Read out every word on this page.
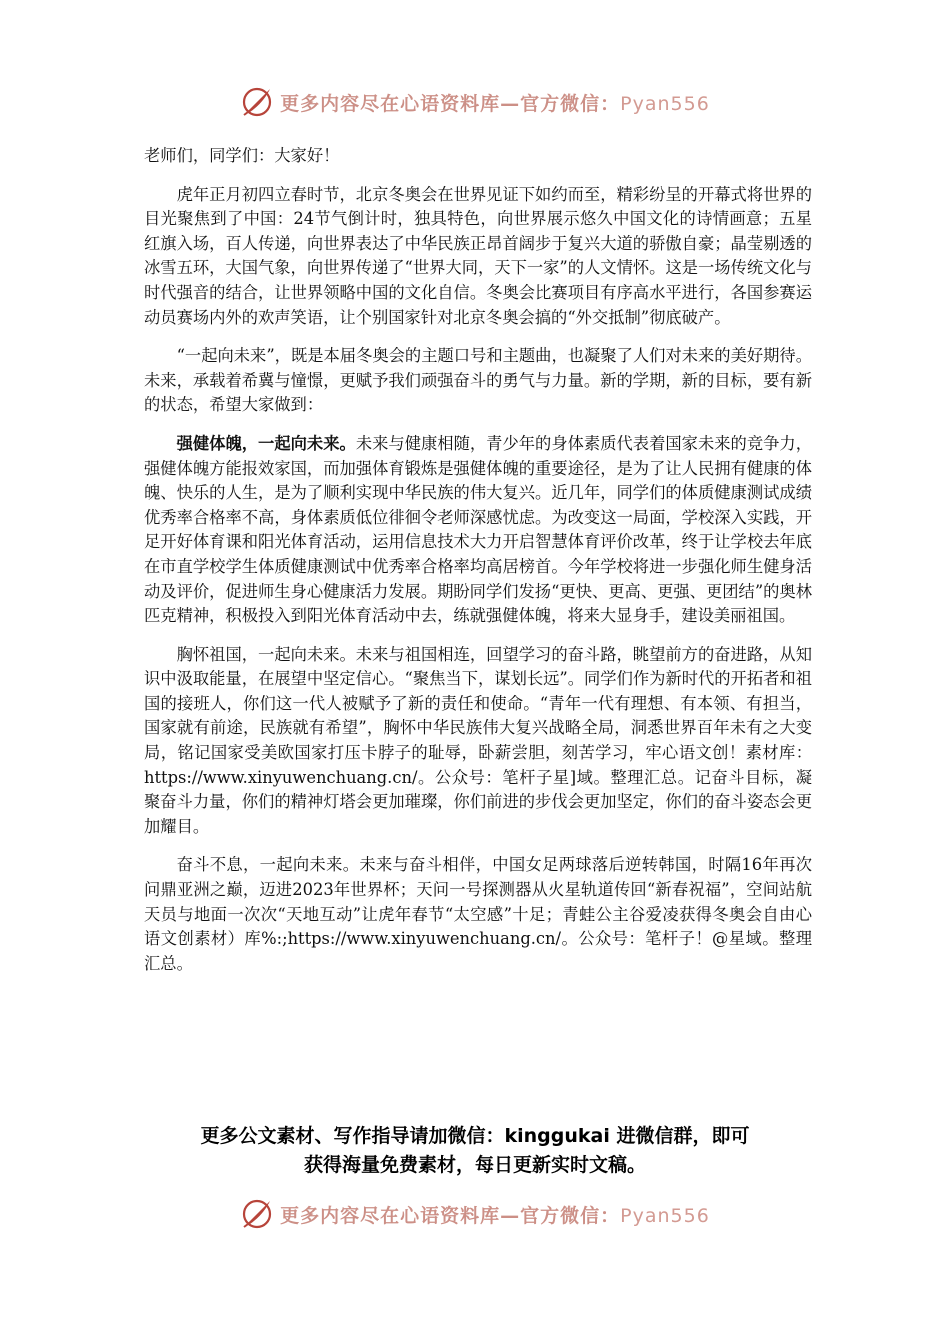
更多内容尽在心语资料库—官方微信：Pyan556

老师们，同学们：大家好！

虎年正月初四立春时节，北京冬奥会在世界见证下如约而至，精彩纷呈的开幕式将世界的目光聚焦到了中国：24节气倒计时，独具特色，向世界展示悠久中国文化的诗情画意；五星红旗入场，百人传递，向世界表达了中华民族正昂首阔步于复兴大道的骄傲自豪；晶莹剔透的冰雪五环，大国气象，向世界传递了“世界大同，天下一家”的人文情怀。这是一场传统文化与时代强音的结合，让世界领略中国的文化自信。冬奥会比赛项目有序高水平进行，各国参赛运动员赛场内外的欢声笑语，让个别国家针对北京冬奥会搞的“外交抵制”彻底破产。

“一起向未来”，既是本届冬奥会的主题口号和主题曲，也凝聚了人们对未来的美好期待。未来，承载着希冀与憧憬，更赋予我们顽强奋斗的勇气与力量。新的学期，新的目标，要有新的状态，希望大家做到：

强健体魄，一起向未来。未来与健康相随，青少年的身体素质代表着国家未来的竞争力，强健体魄方能报效家国，而加强体育锻炼是强健体魄的重要途径，是为了让人民拥有健康的体魄、快乐的人生，是为了顺利实现中华民族的伟大复兴。近几年，同学们的体质健康测试成绩优秀率合格率不高，身体素质低位徘徊令老师深感忧虑。为改变这一局面，学校深入实践，开足开好体育课和阳光体育活动，运用信息技术大力开启智慧体育评价改革，终于让学校去年底在市直学校学生体质健康测试中优秀率合格率均高居榜首。今年学校将进一步强化师生健身活动及评价，促进师生身心健康活力发展。期盼同学们发扬“更快、更高、更强、更团结”的奥林匹克精神，积极投入到阳光体育活动中去，练就强健体魄，将来大显身手，建设美丽祖国。

胸怀祖国，一起向未来。未来与祖国相连，回望学习的奋斗路，眺望前方的奋进路，从知识中汲取能量，在展望中坚定信心。“聚焦当下，谋划长远”。同学们作为新时代的开拓者和祖国的接班人，你们这一代人被赋予了新的责任和使命。“青年一代有理想、有本领、有担当，国家就有前途，民族就有希望”，胸怀中华民族伟大复兴战略全局，洞悉世界百年未有之大变局，铭记国家受美欧国家打压卡脖子的耻辱，卧薪尝胆，刻苦学习，牢心语文创！素材库：https://www.xinyuwenchuang.cn/。公众号：笔杆子星]域。整理汇总。记奋斗目标，凝聚奋斗力量，你们的精神灯塔会更加璀璨，你们前进的步伐会更加坚定，你们的奋斗姿态会更加耀目。

奋斗不息，一起向未来。未来与奋斗相伴，中国女足两球落后逆转韩国，时隔16年再次问鼎亚洲之巅，迈进2023年世界杯；天问一号探测器从火星轨道传回“新春祝福”，空间站航天员与地面一次次“天地互动”让虎年春节“太空感”十足；青蛙公主谷爱凌获得冬奥会自由心语文创素材）库%:;https://www.xinyuwenchuang.cn/。公众号：笔杆子！@星域。整理汇总。

更多公文素材、写作指导请加微信：kinggukai 进微信群，即可
获得海量免费素材，每日更新实时文稿。
更多内容尽在心语资料库—官方微信：Pyan556
